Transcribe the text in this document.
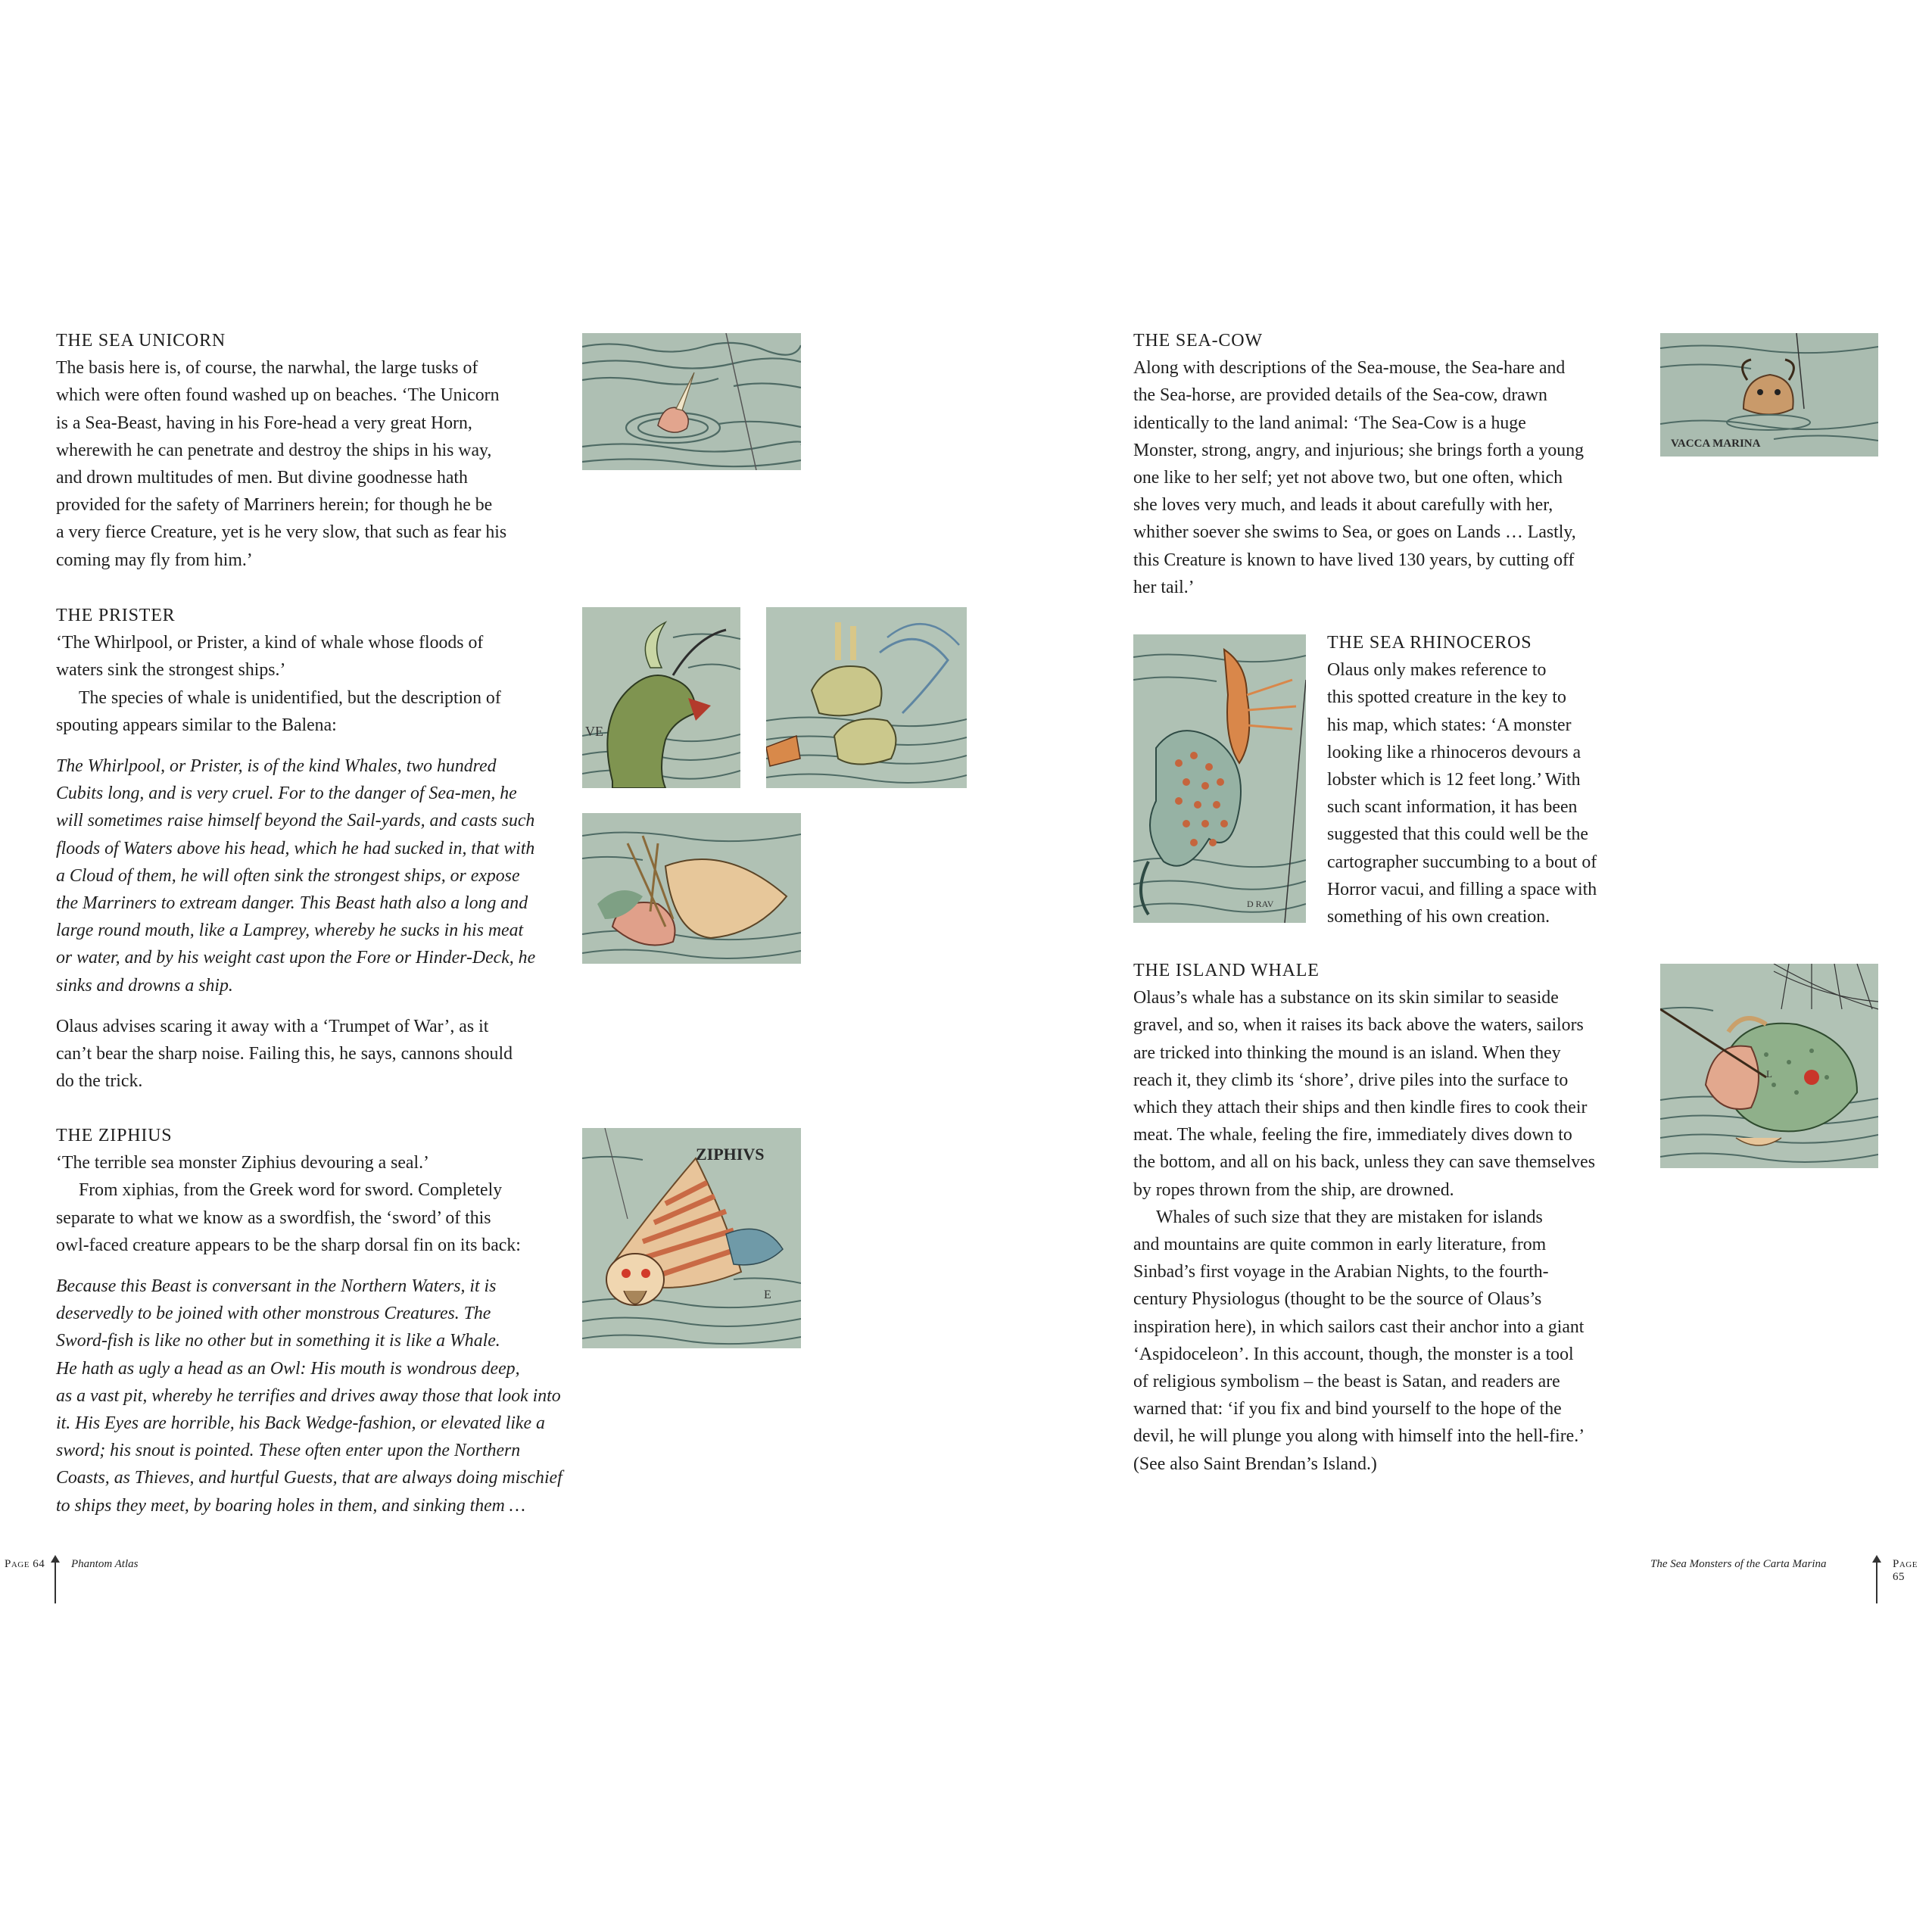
THE SEA UNICORN
The basis here is, of course, the narwhal, the large tusks of
which were often found washed up on beaches. ‘The Unicorn
is a Sea-Beast, having in his Fore-head a very great Horn,
wherewith he can penetrate and destroy the ships in his way,
and drown multitudes of men. But divine goodnesse hath
provided for the safety of Marriners herein; for though he be
a very fierce Creature, yet is he very slow, that such as fear his
coming may fly from him.’
THE PRISTER
‘The Whirlpool, or Prister, a kind of whale whose floods of
waters sink the strongest ships.’
The species of whale is unidentified, but the description of
spouting appears similar to the Balena:
The Whirlpool, or Prister, is of the kind Whales, two hundred
Cubits long, and is very cruel. For to the danger of Sea-men, he
will sometimes raise himself beyond the Sail-yards, and casts such
floods of Waters above his head, which he had sucked in, that with
a Cloud of them, he will often sink the strongest ships, or expose
the Marriners to extream danger. This Beast hath also a long and
large round mouth, like a Lamprey, whereby he sucks in his meat
or water, and by his weight cast upon the Fore or Hinder-Deck, he
sinks and drowns a ship.
Olaus advises scaring it away with a ‘Trumpet of War’, as it
can’t bear the sharp noise. Failing this, he says, cannons should
do the trick.
THE ZIPHIUS
‘The terrible sea monster Ziphius devouring a seal.’
From xiphias, from the Greek word for sword. Completely
separate to what we know as a swordfish, the ‘sword’ of this
owl-faced creature appears to be the sharp dorsal fin on its back:
Because this Beast is conversant in the Northern Waters, it is
deservedly to be joined with other monstrous Creatures. The
Sword-fish is like no other but in something it is like a Whale.
He hath as ugly a head as an Owl: His mouth is wondrous deep,
as a vast pit, whereby he terrifies and drives away those that look into
it. His Eyes are horrible, his Back Wedge-fashion, or elevated like a
sword; his snout is pointed. These often enter upon the Northern
Coasts, as Thieves, and hurtful Guests, that are always doing mischief
to ships they meet, by boaring holes in them, and sinking them …
VE
ZIPHIVS
E
THE SEA-COW
Along with descriptions of the Sea-mouse, the Sea-hare and
the Sea-horse, are provided details of the Sea-cow, drawn
identically to the land animal: ‘The Sea-Cow is a huge
Monster, strong, angry, and injurious; she brings forth a young
one like to her self; yet not above two, but one often, which
she loves very much, and leads it about carefully with her,
whither soever she swims to Sea, or goes on Lands … Lastly,
this Creature is known to have lived 130 years, by cutting off
her tail.’
THE SEA RHINOCEROS
Olaus only makes reference to
this spotted creature in the key to
his map, which states: ‘A monster
looking like a rhinoceros devours a
lobster which is 12 feet long.’ With
such scant information, it has been
suggested that this could well be the
cartographer succumbing to a bout of
Horror vacui, and filling a space with
something of his own creation.
THE ISLAND WHALE
Olaus’s whale has a substance on its skin similar to seaside
gravel, and so, when it raises its back above the waters, sailors
are tricked into thinking the mound is an island. When they
reach it, they climb its ‘shore’, drive piles into the surface to
which they attach their ships and then kindle fires to cook their
meat. The whale, feeling the fire, immediately dives down to
the bottom, and all on his back, unless they can save themselves
by ropes thrown from the ship, are drowned.
Whales of such size that they are mistaken for islands
and mountains are quite common in early literature, from
Sinbad’s first voyage in the Arabian Nights, to the fourth-
century Physiologus (thought to be the source of Olaus’s
inspiration here), in which sailors cast their anchor into a giant
‘Aspidoceleon’. In this account, though, the monster is a tool
of religious symbolism – the beast is Satan, and readers are
warned that: ‘if you fix and bind yourself to the hope of the
devil, he will plunge you along with himself into the hell-fire.’
(See also Saint Brendan’s Island.)
VACCA MARINA
D RAV
L
Page 64 Phantom Atlas	The Sea Monsters of the Carta Marina	Page 65
